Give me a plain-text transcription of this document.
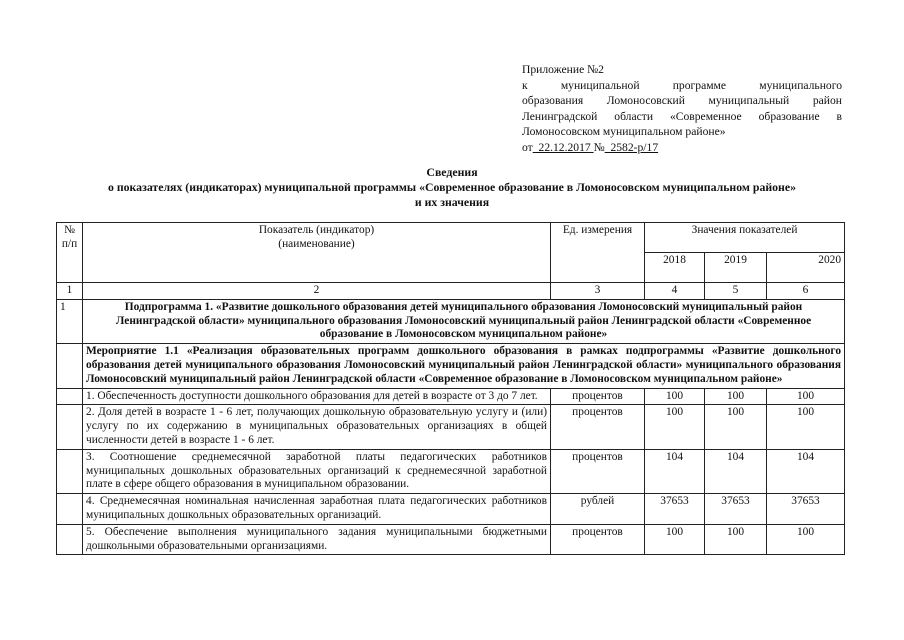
Приложение №2
к муниципальной программе муниципального
образования Ломоносовский муниципальный район
Ленинградской области «Современное образование в
Ломоносовском муниципальном районе»
от 22.12.2017 № 2582-р/17
Сведения
о показателях (индикаторах) муниципальной программы «Современное образование в Ломоносовском муниципальном районе»
и их значения
№ п/п	Показатель (индикатор) (наименование)	Ед. измерения	Значения показателей		
			2018	2019	2020
1	2	3	4	5	6
1	Подпрограмма 1. «Развитие дошкольного образования детей муниципального образования Ломоносовский муниципальный район Ленинградской области» муниципального образования Ломоносовский муниципальный район Ленинградской области «Современное образование в Ломоносовском муниципальном районе»				
	Мероприятие 1.1 «Реализация образовательных программ дошкольного образования в рамках подпрограммы «Развитие дошкольного образования детей муниципального образования Ломоносовский муниципальный район Ленинградской области» муниципального образования Ломоносовский муниципальный район Ленинградской области «Современное образование в Ломоносовском муниципальном районе»				
	1. Обеспеченность доступности дошкольного образования для детей в возрасте от 3 до 7 лет.	процентов	100	100	100
	2. Доля детей в возрасте 1 - 6 лет, получающих дошкольную образовательную услугу и (или) услугу по их содержанию в муниципальных образовательных организациях в общей численности детей в возрасте 1 - 6 лет.	процентов	100	100	100
	3. Соотношение среднемесячной заработной платы педагогических работников муниципальных дошкольных образовательных организаций к среднемесячной заработной плате в сфере общего образования в муниципальном образовании.	процентов	104	104	104
	4. Среднемесячная номинальная начисленная заработная плата педагогических работников муниципальных дошкольных образовательных организаций.	рублей	37653	37653	37653
	5. Обеспечение выполнения муниципального задания муниципальными бюджетными дошкольными образовательными организациями.	процентов	100	100	100
